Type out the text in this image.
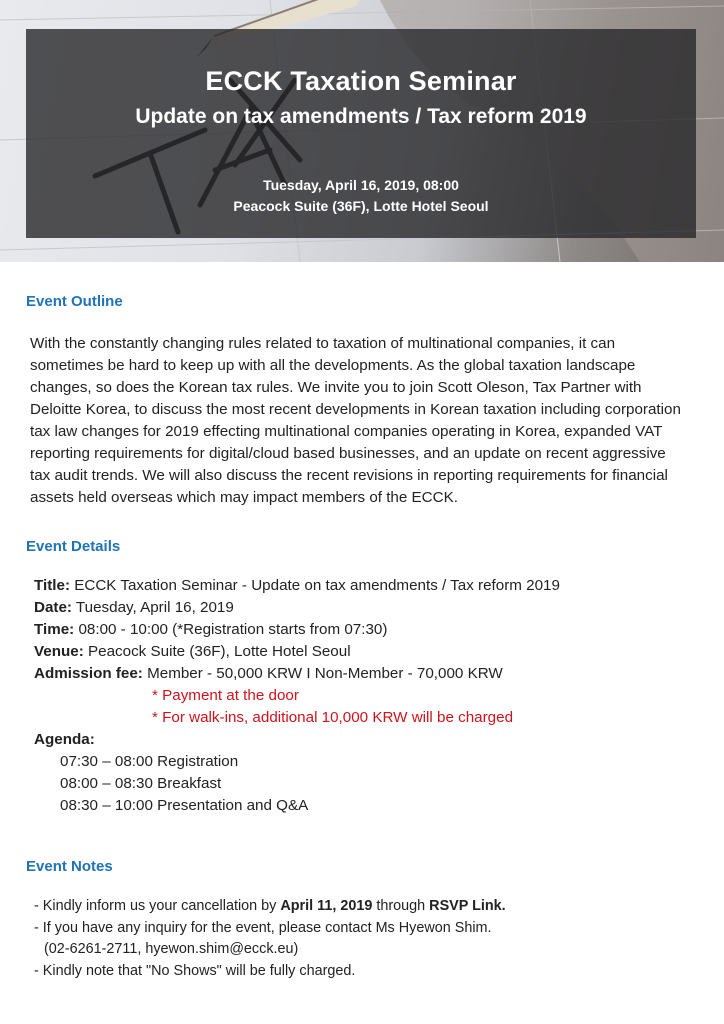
ECCK Taxation Seminar
Update on tax amendments / Tax reform 2019
Tuesday, April 16, 2019, 08:00
Peacock Suite (36F), Lotte Hotel Seoul
Event Outline
With the constantly changing rules related to taxation of multinational companies, it can sometimes be hard to keep up with all the developments. As the global taxation landscape changes, so does the Korean tax rules. We invite you to join Scott Oleson, Tax Partner with Deloitte Korea, to discuss the most recent developments in Korean taxation including corporation tax law changes for 2019 effecting multinational companies operating in Korea, expanded VAT reporting requirements for digital/cloud based businesses, and an update on recent aggressive tax audit trends. We will also discuss the recent revisions in reporting requirements for financial assets held overseas which may impact members of the ECCK.
Event Details
Title: ECCK Taxation Seminar - Update on tax amendments / Tax reform 2019
Date: Tuesday, April 16, 2019
Time: 08:00 - 10:00 (*Registration starts from 07:30)
Venue: Peacock Suite (36F), Lotte Hotel Seoul
Admission fee: Member - 50,000 KRW I Non-Member - 70,000 KRW
* Payment at the door
* For walk-ins, additional 10,000 KRW will be charged
Agenda:
07:30 – 08:00 Registration
08:00 – 08:30 Breakfast
08:30 – 10:00 Presentation and Q&A
Event Notes
- Kindly inform us your cancellation by April 11, 2019 through RSVP Link.
- If you have any inquiry for the event, please contact Ms Hyewon Shim.
(02-6261-2711, hyewon.shim@ecck.eu)
- Kindly note that "No Shows" will be fully charged.
